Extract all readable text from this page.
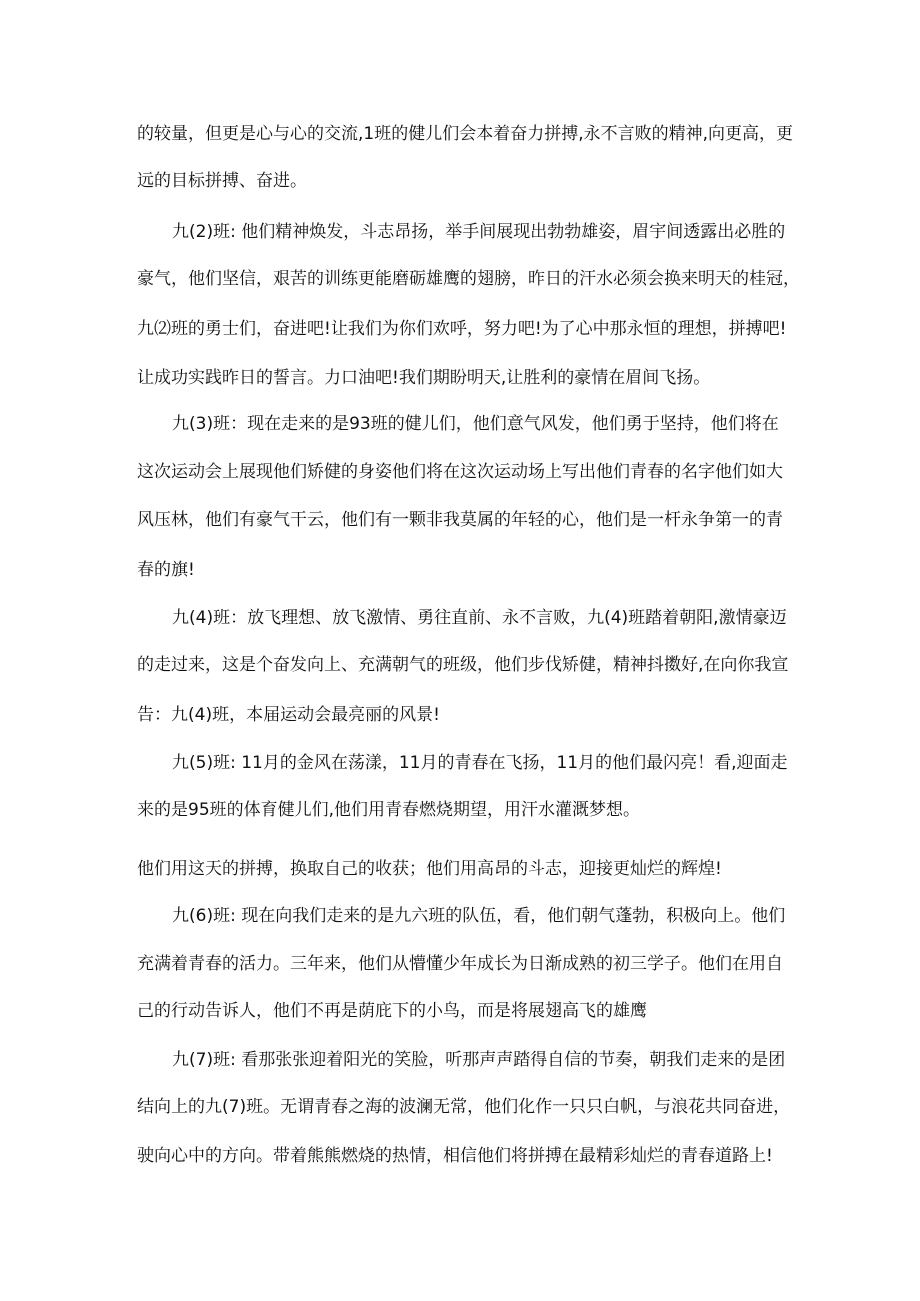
的较量，但更是心与心的交流,1班的健儿们会本着奋力拼搏,永不言败的精神,向更高，更
远的目标拼搏、奋进。
九(2)班: 他们精神焕发，斗志昂扬，举手间展现出勃勃雄姿，眉宇间透露出必胜的
豪气，他们坚信，艰苦的训练更能磨砺雄鹰的翅膀，昨日的汗水必须会换来明天的桂冠，
九⑵班的勇士们，奋进吧!让我们为你们欢呼，努力吧!为了心中那永恒的理想，拼搏吧!
让成功实践昨日的誓言。力口油吧!我们期盼明天,让胜利的豪情在眉间飞扬。
九(3)班：现在走来的是93班的健儿们，他们意气风发，他们勇于坚持，他们将在
这次运动会上展现他们矫健的身姿他们将在这次运动场上写出他们青春的名字他们如大
风压林，他们有豪气干云，他们有一颗非我莫属的年轻的心，他们是一杆永争第一的青
春的旗!
九(4)班：放飞理想、放飞激情、勇往直前、永不言败，九(4)班踏着朝阳,激情豪迈
的走过来，这是个奋发向上、充满朝气的班级，他们步伐矫健，精神抖擞好,在向你我宣
告：九(4)班，本届运动会最亮丽的风景!
九(5)班: 11月的金风在荡漾，11月的青春在飞扬，11月的他们最闪亮！看,迎面走
来的是95班的体育健儿们,他们用青春燃烧期望，用汗水灌溉梦想。
他们用这天的拼搏，换取自己的收获；他们用高昂的斗志，迎接更灿烂的辉煌!
九(6)班: 现在向我们走来的是九六班的队伍，看，他们朝气蓬勃，积极向上。他们
充满着青春的活力。三年来，他们从懵懂少年成长为日渐成熟的初三学子。他们在用自
己的行动告诉人，他们不再是荫庇下的小鸟，而是将展翅高飞的雄鹰
九(7)班: 看那张张迎着阳光的笑脸，听那声声踏得自信的节奏，朝我们走来的是团
结向上的九(7)班。无谓青春之海的波澜无常，他们化作一只只白帆，与浪花共同奋进，
驶向心中的方向。带着熊熊燃烧的热情，相信他们将拼搏在最精彩灿烂的青春道路上!
